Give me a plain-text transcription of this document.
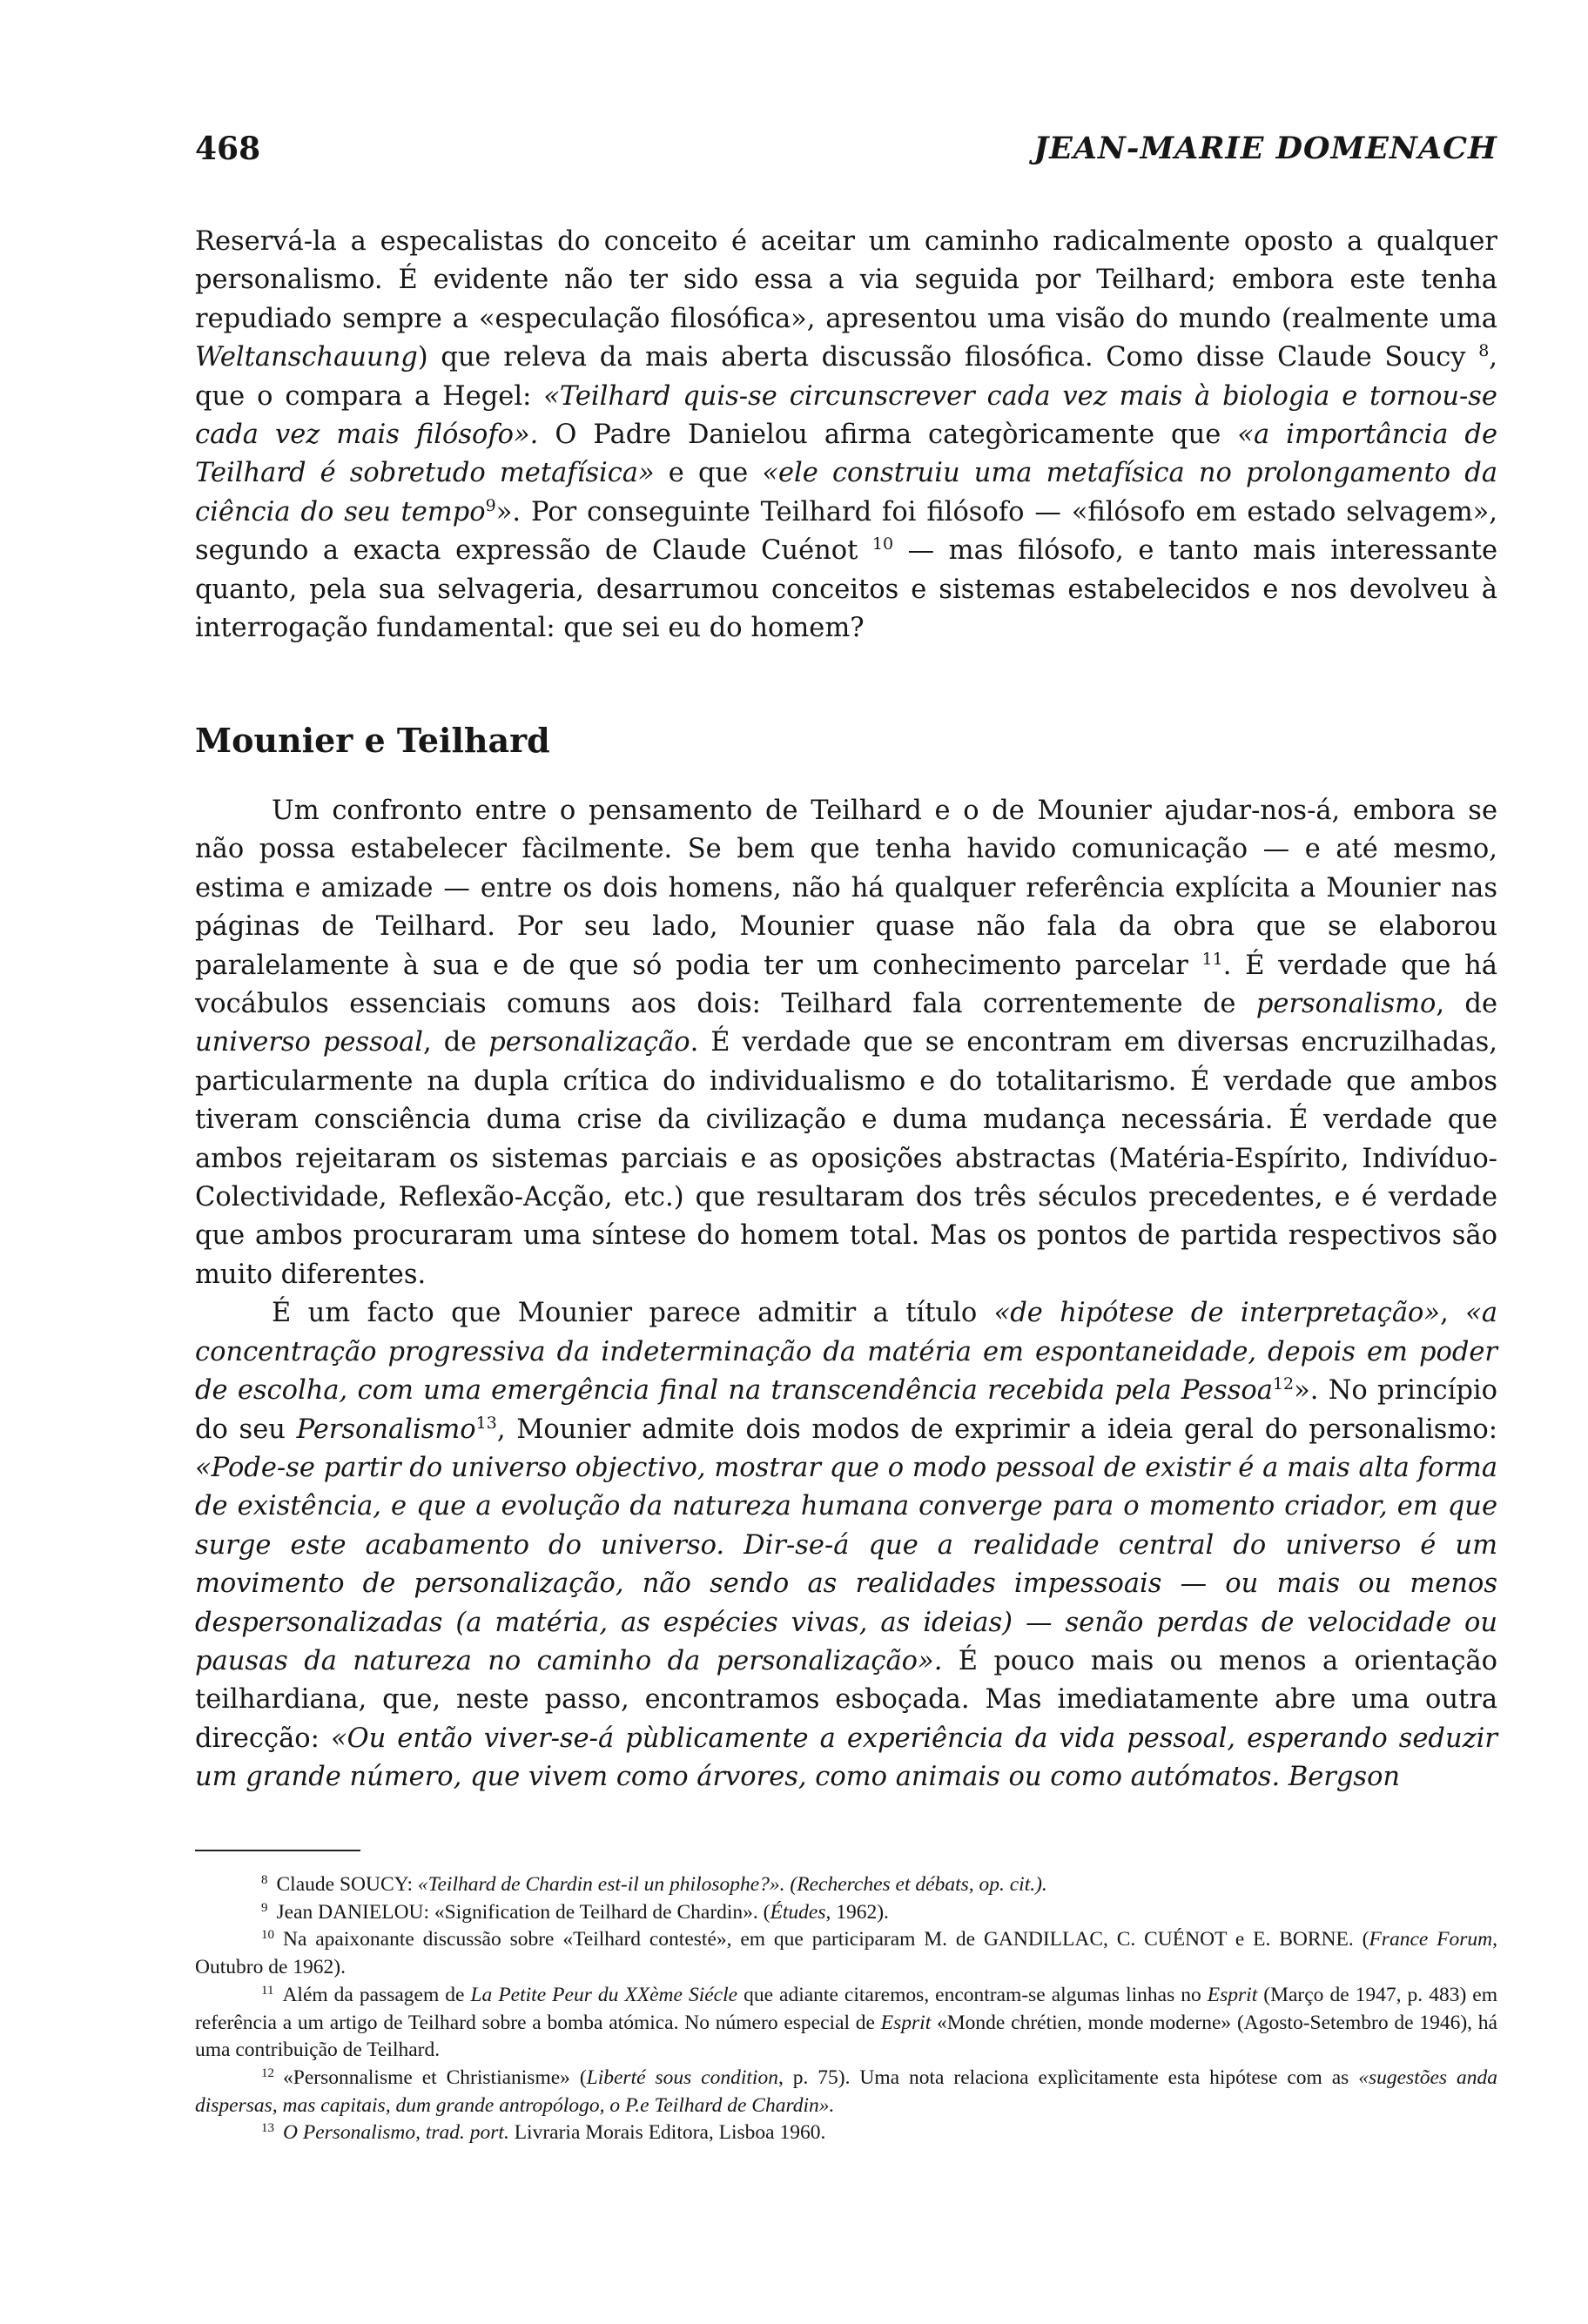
468	JEAN-MARIE DOMENACH

Reservá-la a especalistas do conceito é aceitar um caminho radicalmente oposto a qualquer personalismo. É evidente não ter sido essa a via seguida por Teilhard; embora este tenha repudiado sempre a «especulação filosófica», apresentou uma visão do mundo (realmente uma Weltanschauung) que releva da mais aberta discussão filosófica. Como disse Claude Soucy $^8$, que o compara a Hegel: «Teilhard quis-se circunscrever cada vez mais à biologia e tornou-se cada vez mais filósofo». O Padre Danielou afirma categòricamente que «a importância de Teilhard é sobretudo metafísica» e que «ele construiu uma metafísica no prolongamento da ciência do seu tempo$^9$». Por conseguinte Teilhard foi filósofo — «filósofo em estado selvagem», segundo a exacta expressão de Claude Cuénot $^{10}$ — mas filósofo, e tanto mais interessante quanto, pela sua selvageria, desarrumou conceitos e sistemas estabelecidos e nos devolveu à interrogação fundamental: que sei eu do homem?

Mounier e Teilhard

Um confronto entre o pensamento de Teilhard e o de Mounier ajudar-nos-á, embora se não possa estabelecer fàcilmente. Se bem que tenha havido comunicação — e até mesmo, estima e amizade — entre os dois homens, não há qualquer referência explícita a Mounier nas páginas de Teilhard. Por seu lado, Mounier quase não fala da obra que se elaborou paralelamente à sua e de que só podia ter um conhecimento parcelar $^{11}$. É verdade que há vocábulos essenciais comuns aos dois: Teilhard fala correntemente de personalismo, de universo pessoal, de personalização. É verdade que se encontram em diversas encruzilhadas, particularmente na dupla crítica do individualismo e do totalitarismo. É verdade que ambos tiveram consciência duma crise da civilização e duma mudança necessária. É verdade que ambos rejeitaram os sistemas parciais e as oposições abstractas (Matéria-Espírito, Indivíduo-Colectividade, Reflexão-Acção, etc.) que resultaram dos três séculos precedentes, e é verdade que ambos procuraram uma síntese do homem total. Mas os pontos de partida respectivos são muito diferentes.

É um facto que Mounier parece admitir a título «de hipótese de interpretação», «a concentração progressiva da indeterminação da matéria em espontaneidade, depois em poder de escolha, com uma emergência final na transcendência recebida pela Pessoa$^{12}$». No princípio do seu Personalismo$^{13}$, Mounier admite dois modos de exprimir a ideia geral do personalismo: «Pode-se partir do universo objectivo, mostrar que o modo pessoal de existir é a mais alta forma de existência, e que a evolução da natureza humana converge para o momento criador, em que surge este acabamento do universo. Dir-se-á que a realidade central do universo é um movimento de personalização, não sendo as realidades impessoais — ou mais ou menos despersonalizadas (a matéria, as espécies vivas, as ideias) — senão perdas de velocidade ou pausas da natureza no caminho da personalização». É pouco mais ou menos a orientação teilhardiana, que, neste passo, encontramos esboçada. Mas imediatamente abre uma outra direcção: «Ou então viver-se-á pùblicamente a experiência da vida pessoal, esperando seduzir um grande número, que vivem como árvores, como animais ou como autómatos. Bergson

$^8$ Claude SOUCY: «Teilhard de Chardin est-il un philosophe?». (Recherches et débats, op. cit.).

$^9$ Jean DANIELOU: «Signification de Teilhard de Chardin». (Études, 1962).

$^{10}$ Na apaixonante discussão sobre «Teilhard contesté», em que participaram M. de GANDILLAC, C. CUÉNOT e E. BORNE. (France Forum, Outubro de 1962).

$^{11}$ Além da passagem de La Petite Peur du XXème Siécle que adiante citaremos, encontram-se algumas linhas no Esprit (Março de 1947, p. 483) em referência a um artigo de Teilhard sobre a bomba atómica. No número especial de Esprit «Monde chrétien, monde moderne» (Agosto-Setembro de 1946), há uma contribuição de Teilhard.

$^{12}$ «Personnalisme et Christianisme» (Liberté sous condition, p. 75). Uma nota relaciona explìcitamente esta hipótese com as «sugestões anda dispersas, mas capitais, dum grande antropólogo, o P.e Teilhard de Chardin».

$^{13}$ O Personalismo, trad. port. Livraria Morais Editora, Lisboa 1960.
